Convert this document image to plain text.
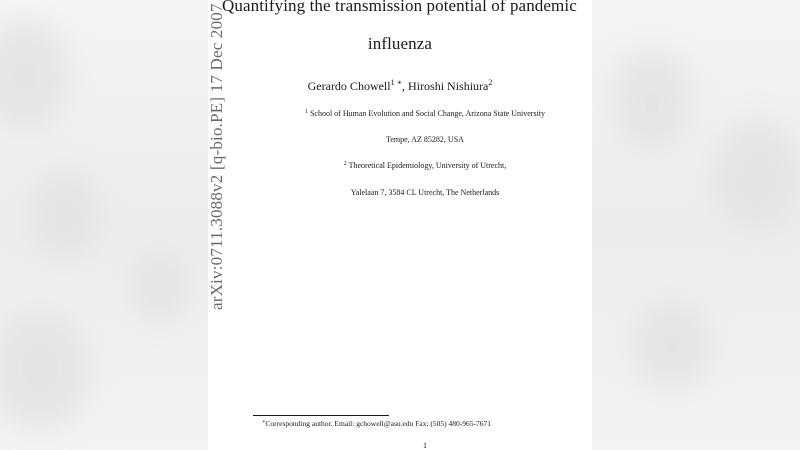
Quantifying the transmission potential of pandemic
influenza
Gerardo Chowell$^{1 ∗}$, Hiroshi Nishiura$^2$
$^1$ School of Human Evolution and Social Change, Arizona State University
Tempe, AZ 85282, USA
$^2$ Theoretical Epidemiology, University of Utrecht,
Yalelaan 7, 3584 CL Utrecht, The Netherlands
arXiv:0711.3088v2 [q-bio.PE] 17 Dec 2007
∗Corresponding author. Email: gchowell@asu.edu Fax: (505) 480-965-7671
1
